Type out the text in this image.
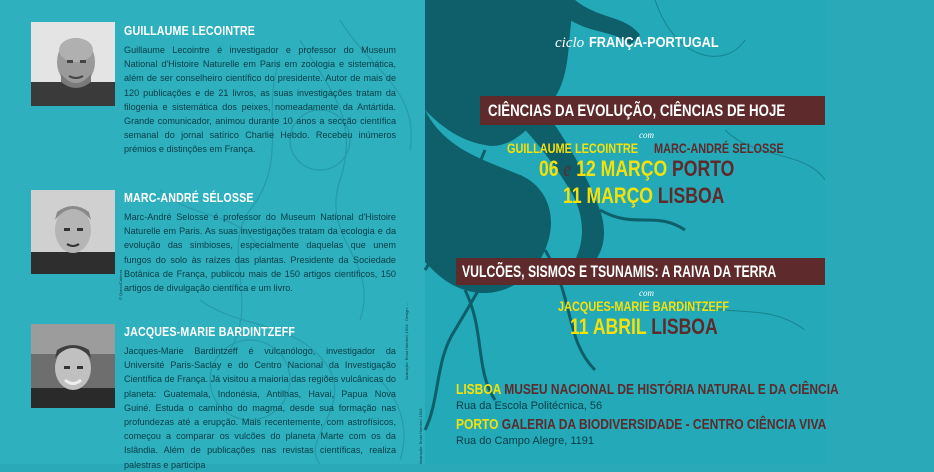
GUILLAUME LECOINTRE

Guillaume Lecointre é investigador e professor do Museum National d'Histoire Naturelle em Paris em zoologia e sistemática, além de ser conselheiro científico do presidente. Autor de mais de 120 publicações e de 21 livros, as suas investigações tratam da filogenia e sistemática dos peixes, nomeadamente da Antártida. Grande comunicador, animou durante 10 anos a secção científica semanal do jornal satírico Charlie Hebdo. Recebeu inúmeros prémios e distinções em França.

MARC-ANDRÉ SÉLOSSE

Marc-André Selosse é professor do Museum National d'Histoire Naturelle em Paris. As suas investigações tratam da ecologia e da evolução das simbioses, especialmente daquelas que unem fungos do solo às raízes das plantas. Presidente da Sociedade Botânica de França, publicou mais de 150 artigos científicos, 150 artigos de divulgação científica e um livro.

JACQUES-MARIE BARDINTZEFF

Jacques-Marie Bardintzeff é vulcanólogo, investigador da Université Paris-Saclay e do Centro Nacional da Investigação Científica de França. Já visitou a maioria das regiões vulcânicas do planeta: Guatemala, Indonésia, Antilhas, Havai, Papua Nova Guiné. Estuda o caminho do magma, desde sua formação nas profundezas até a erupção. Mais recentemente, com astrofísicos, começou a comparar os vulcões do planeta Marte com os da Islândia. Além de publicações nas revistas científicas, realiza palestras e participa

© Quinn/Cabrera
Ilustração: Ernst Haeckel, 1904 · Design: ...
Ilustração: Ernst Haeckel, 1904
ciclo FRANÇA-PORTUGAL
CIÊNCIAS DA EVOLUÇÃO, CIÊNCIAS DE HOJE
com
GUILLAUME LECOINTRE	MARC-ANDRÉ SELOSSE
06 e 12 MARÇO PORTO
11 MARÇO LISBOA
VULCÕES, SISMOS E TSUNAMIS: A RAIVA DA TERRA
com
JACQUES-MARIE BARDINTZEFF
11 ABRIL LISBOA
LISBOA MUSEU NACIONAL DE HISTÓRIA NATURAL E DA CIÊNCIA
Rua da Escola Politécnica, 56
PORTO GALERIA DA BIODIVERSIDADE - CENTRO CIÊNCIA VIVA
Rua do Campo Alegre, 1191
